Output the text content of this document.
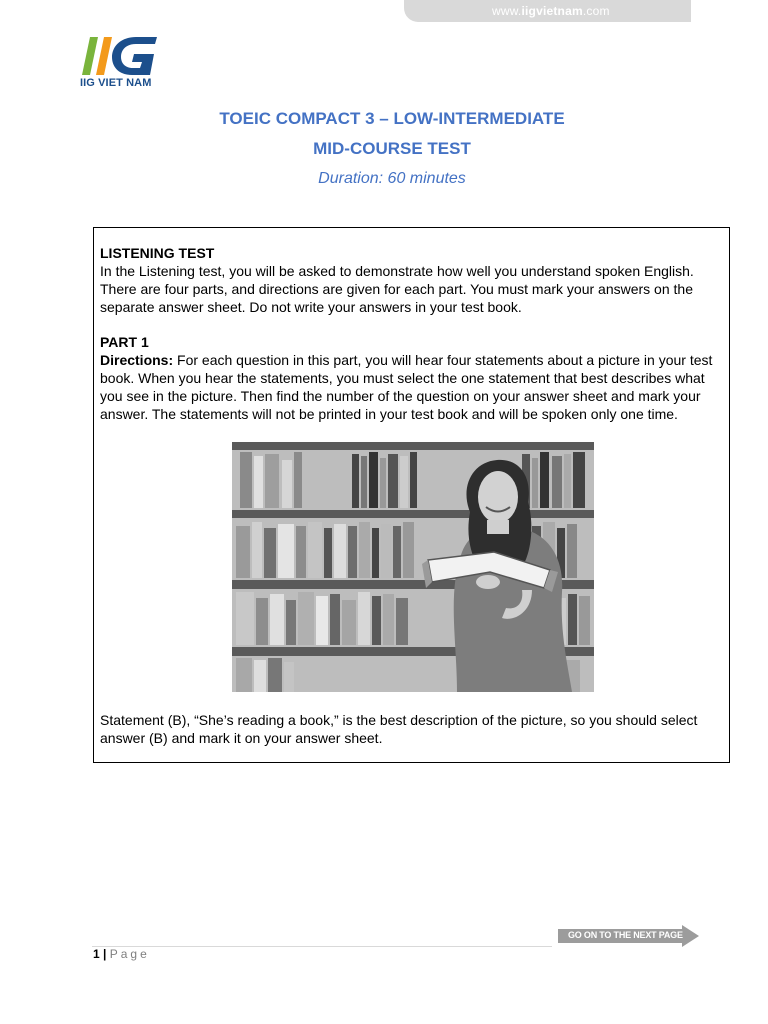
www.iigvietnam.com
IIG VIET NAM
TOEIC COMPACT 3 – LOW-INTERMEDIATE
MID-COURSE TEST
Duration: 60 minutes

LISTENING TEST

In the Listening test, you will be asked to demonstrate how well you understand spoken English. There are four parts, and directions are given for each part. You must mark your answers on the separate answer sheet. Do not write your answers in your test book.

PART 1

Directions: For each question in this part, you will hear four statements about a picture in your test book. When you hear the statements, you must select the one statement that best describes what you see in the picture. Then find the number of the question on your answer sheet and mark your answer. The statements will not be printed in your test book and will be spoken only one time.

Statement (B), “She’s reading a book,” is the best description of the picture, so you should select answer (B) and mark it on your answer sheet.
1 | Page
GO ON TO THE NEXT PAGE
